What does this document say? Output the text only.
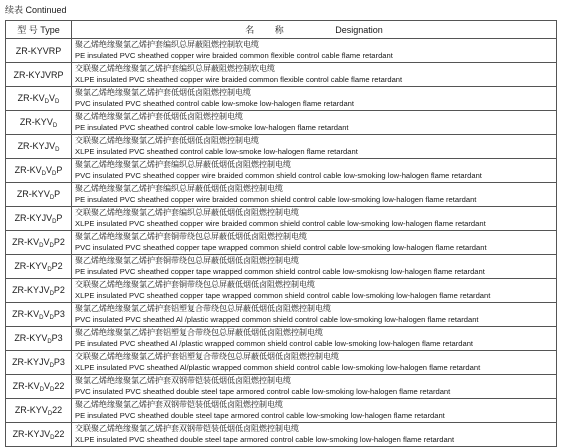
续表 Continued
型 号 Type	名 称 Designation
ZR-KYVRP	聚乙烯绝缘聚氯乙烯护套编织总屏蔽阻燃控制软电缆
PE insulated PVC sheathed copper wire braided common flexible control cable flame retardant

ZR-KYJVRP	交联聚乙烯绝缘聚氯乙烯护套编织总屏蔽阻燃控制软电缆
XLPE insulated PVC sheathed copper wire braided common flexible control cable flame retardant

$ZR-KV_DV_D$	聚氯乙烯绝缘聚氯乙烯护套低烟低卤阻燃控制电缆
PVC insulated PVC sheathed control cable low-smoke low-halogen flame retardant

$ZR-KYV_D$	聚乙烯绝缘聚氯乙烯护套低烟低卤阻燃控制电缆
PE insulated PVC sheathed control cable low-smoke low-halogen flame retardant

$ZR-KYJV_D$	交联聚乙烯绝缘聚氯乙烯护套低烟低卤阻燃控制电缆
XLPE insulated PVC sheathed control cable low-smoke low-halogen flame retardant

$ZR-KV_DV_DP$	聚氯乙烯绝缘聚氯乙烯护套编织总屏蔽低烟低卤阻燃控制电缆
PVC insulated PVC sheathed copper wire braided common shield control cable low-smoking low-halogen flame retardant

$ZR-KYV_DP$	聚乙烯绝缘聚氯乙烯护套编织总屏蔽低烟低卤阻燃控制电缆
PE insulated PVC sheathed copper wire braided common shield control cable low-smoking low-halogen flame retardant

$ZR-KYJV_DP$	交联聚乙烯绝缘聚氯乙烯护套编织总屏蔽低烟低卤阻燃控制电缆
XLPE insulated PVC sheathed copper wire braided common shield control cable low-smoking low-halogen flame retardant

$ZR-KV_DV_DP2$	聚氯乙烯绝缘聚氯乙烯护套铜带绕包总屏蔽低烟低卤阻燃控制电缆
PVC insulated PVC sheathed copper tape wrapped common shield control cable low-smoking low-halogen flame retardant

$ZR-KYV_DP2$	聚乙烯绝缘聚氯乙烯护套铜带绕包总屏蔽低烟低卤阻燃控制电缆
PE insulated PVC sheathed copper tape wrapped common shield control cable low-smokisng low-halogen flame retardant

$ZR-KYJV_DP2$	交联聚乙烯绝缘聚氯乙烯护套铜带绕包总屏蔽低烟低卤阻燃控制电缆
XLPE insulated PVC sheathed copper tape wrapped common shield control cable low-smoking low-halogen flame retardant

$ZR-KV_DV_DP3$	聚氯乙烯绝缘聚氯乙烯护套铝塑复合带绕包总屏蔽低烟低卤阻燃控制电缆
PVC insulated PVC sheathed Al /plastic wrapped common shield control cable low-smoking low-halogen flame retardant

$ZR-KYV_DP3$	聚乙烯绝缘聚氯乙烯护套铝塑复合带绕包总屏蔽低烟低卤阻燃控制电缆
PE insulated PVC sheathed Al /plastic wrapped common shield control cable low-smoking low-halogen flame retardant

$ZR-KYJV_DP3$	交联聚乙烯绝缘聚氯乙烯护套铝塑复合带绕包总屏蔽低烟低卤阻燃控制电缆
XLPE insulated PVC sheathed Al/plastic wrapped common shield control cable low-smoking low-halogen flame retardant

$ZR-KV_DV_D22$	聚氯乙烯绝缘聚氯乙烯护套双钢带铠装低烟低卤阻燃控制电缆
PVC insulated PVC sheathed double steel tape armored control cable low-smoking low-halogen flame retardant

$ZR-KYV_D22$	聚乙烯绝缘聚氯乙烯护套双钢带铠装低烟低卤阻燃控制电缆
PE insulated PVC sheathed double steel tape armored control cable low-smoking low-halogen flame retardant

$ZR-KYJV_D22$	交联聚乙烯绝缘聚氯乙烯护套双钢带铠装低烟低卤阻燃控制电缆
XLPE insulated PVC sheathed double steel tape armored control cable low-smoking low-halogen flame retardant
